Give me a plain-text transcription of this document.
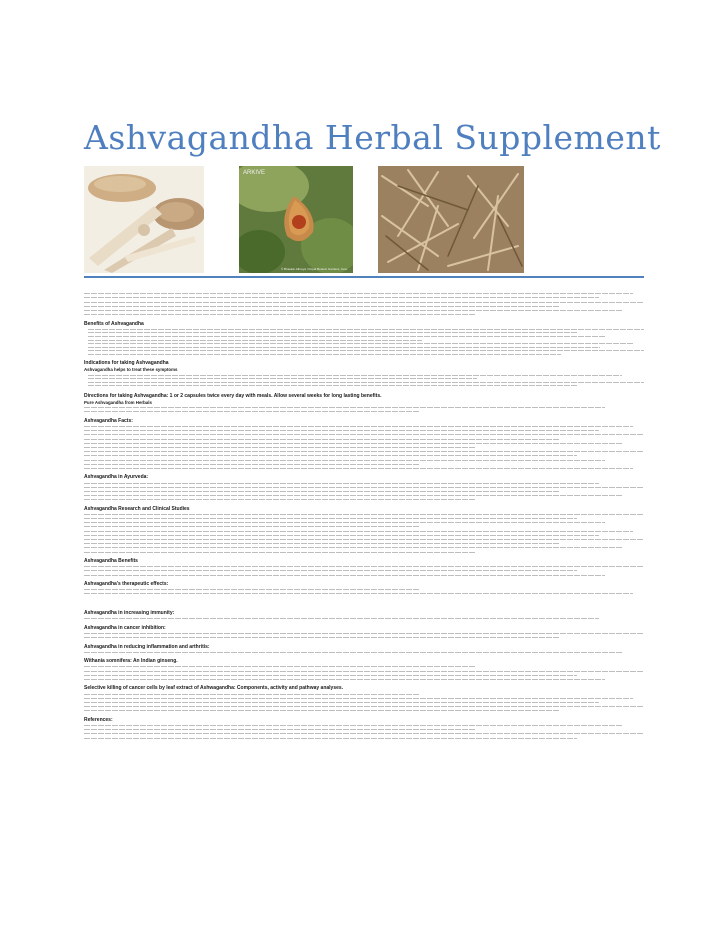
Ashvagandha Herbal Supplement
ARKIVE
© Bhaskar Athreya / Royal Botanic Gardens, Kew

Benefits of Ashvagandha

Indications for taking Ashvagandha
Ashvagandha helps to treat these symptoms

Directions for taking Ashvagandha: 1 or 2 capsules twice every day with meals. Allow several weeks for long lasting benefits.
Pure Ashvagandha from Herbals

Ashvagandha Facts:

Ashvagandha in Ayurveda:

Ashvagandha Research and Clinical Studies

Ashvagandha Benefits

Ashvagandha's therapeutic effects:

Ashvagandha in increasing immunity:

Ashvagandha in cancer inhibition:

Ashvagandha in reducing inflammation and arthritis:

Withania somnifera: An Indian ginseng.

Selective killing of cancer cells by leaf extract of Ashwagandha: Components, activity and pathway analyses.

References:
